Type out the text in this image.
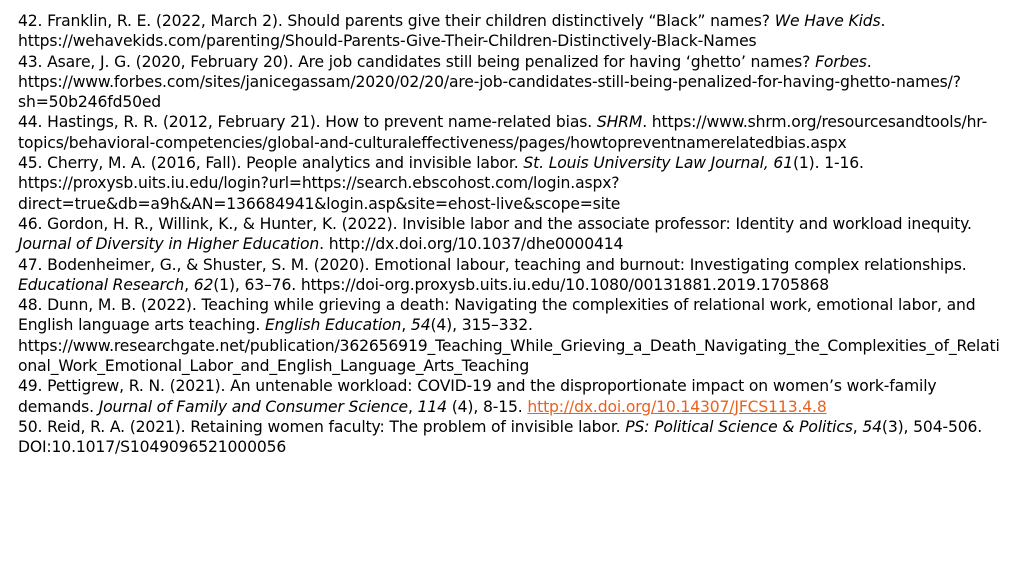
42. Franklin, R. E. (2022, March 2). Should parents give their children distinctively “Black” names? We Have Kids. https://wehavekids.com/parenting/Should-Parents-Give-Their-Children-Distinctively-Black-Names

43. Asare, J. G. (2020, February 20). Are job candidates still being penalized for having ‘ghetto’ names? Forbes. https://www.forbes.com/sites/janicegassam/2020/02/20/are-job-candidates-still-being-penalized-for-having-ghetto-names/?sh=50b246fd50ed

44. Hastings, R. R. (2012, February 21). How to prevent name-related bias. SHRM. https://www.shrm.org/resourcesandtools/hr-topics/behavioral-competencies/global-and-culturaleffectiveness/pages/howtopreventnamerelatedbias.aspx

45. Cherry, M. A. (2016, Fall). People analytics and invisible labor. St. Louis University Law Journal, 61(1). 1-16. https://proxysb.uits.iu.edu/login?url=https://search.ebscohost.com/login.aspx?direct=true&db=a9h&AN=136684941&login.asp&site=ehost-live&scope=site

46. Gordon, H. R., Willink, K., & Hunter, K. (2022). Invisible labor and the associate professor: Identity and workload inequity. Journal of Diversity in Higher Education. http://dx.doi.org/10.1037/dhe0000414

47. Bodenheimer, G., & Shuster, S. M. (2020). Emotional labour, teaching and burnout: Investigating complex relationships. Educational Research, 62(1), 63–76. https://doi-org.proxysb.uits.iu.edu/10.1080/00131881.2019.1705868

48. Dunn, M. B. (2022). Teaching while grieving a death: Navigating the complexities of relational work, emotional labor, and English language arts teaching. English Education, 54(4), 315–332. https://www.researchgate.net/publication/362656919_Teaching_While_Grieving_a_Death_Navigating_the_Complexities_of_Relational_Work_Emotional_Labor_and_English_Language_Arts_Teaching

49. Pettigrew, R. N. (2021). An untenable workload: COVID-19 and the disproportionate impact on women’s work-family demands. Journal of Family and Consumer Science, 114 (4), 8-15. http://dx.doi.org/10.14307/JFCS113.4.8

50. Reid, R. A. (2021). Retaining women faculty: The problem of invisible labor. PS: Political Science & Politics, 54(3), 504-506. DOI:10.1017/S1049096521000056
